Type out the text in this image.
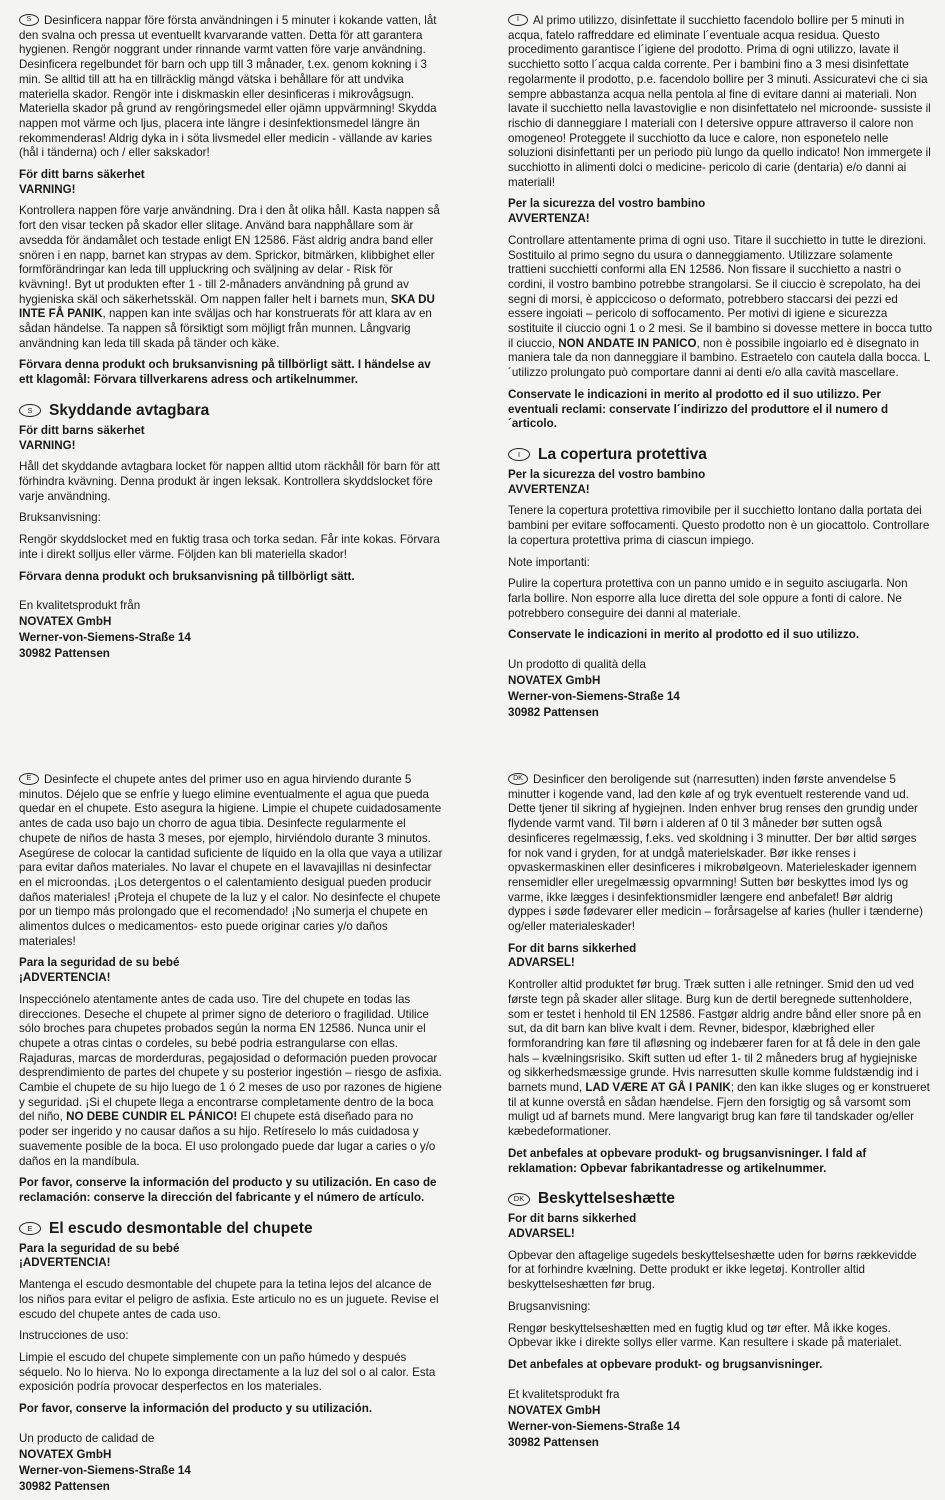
S Desinficera nappar före första användningen i 5 minuter i kokande vatten, låt den svalna och pressa ut eventuellt kvarvarande vatten. Detta för att garantera hygienen. Rengör noggrant under rinnande varmt vatten före varje användning. Desinficera regelbundet för barn och upp till 3 månader, t.ex. genom kokning i 3 min. Se alltid till att ha en tillräcklig mängd vätska i behållare för att undvika materiella skador. Rengör inte i diskmaskin eller desinficeras i mikrovågsugn. Materiella skador på grund av rengöringsmedel eller ojämn uppvärmning! Skydda nappen mot värme och ljus, placera inte längre i desinfektionsmedel längre än rekommenderas! Aldrig dyka in i söta livsmedel eller medicin - vällande av karies (hål i tänderna) och / eller sakskador!

För ditt barns säkerhet

VARNING!

Kontrollera nappen före varje användning. Dra i den åt olika håll. Kasta nappen så fort den visar tecken på skador eller slitage. Använd bara napphållare som är avsedda för ändamålet och testade enligt EN 12586. Fäst aldrig andra band eller snören i en napp, barnet kan strypas av dem. Sprickor, bitmärken, klibbighet eller formförändringar kan leda till uppluckring och sväljning av delar - Risk för kvävning!. Byt ut produkten efter 1 - till 2-månaders användning på grund av hygieniska skäl och säkerhetsskäl. Om nappen faller helt i barnets mun, SKA DU INTE FÅ PANIK, nappen kan inte sväljas och har konstruerats för att klara av en sådan händelse. Ta nappen så försiktigt som möjligt från munnen. Långvarig användning kan leda till skada på tänder och käke.

Förvara denna produkt och bruksanvisning på tillbörligt sätt. I händelse av ett klagomål: Förvara tillverkarens adress och artikelnummer.

S	Skyddande avtagbara

För ditt barns säkerhet

VARNING!

Håll det skyddande avtagbara locket för nappen alltid utom räckhåll för barn för att förhindra kvävning. Denna produkt är ingen leksak. Kontrollera skyddslocket före varje användning.

Bruksanvisning:

Rengör skyddslocket med en fuktig trasa och torka sedan. Får inte kokas. Förvara inte i direkt solljus eller värme. Följden kan bli materiella skador!

Förvara denna produkt och bruksanvisning på tillbörligt sätt.

En kvalitetsprodukt från
NOVATEX GmbH
Werner-von-Siemens-Straße 14
30982 Pattensen

I Al primo utilizzo, disinfettate il succhietto facendolo bollire per 5 minuti in acqua, fatelo raffreddare ed eliminate l´eventuale acqua residua. Questo procedimento garantisce l´igiene del prodotto. Prima di ogni utilizzo, lavate il succhietto sotto l´acqua calda corrente. Per i bambini fino a 3 mesi disinfettate regolarmente il prodotto, p.e. facendolo bollire per 3 minuti. Assicuratevi che ci sia sempre abbastanza acqua nella pentola al fine di evitare danni ai materiali. Non lavate il succhietto nella lavastoviglie e non disinfettatelo nel microonde- sussiste il rischio di danneggiare I materiali con I detersive oppure attraverso il calore non omogeneo! Proteggete il succhiotto da luce e calore, non esponetelo nelle soluzioni disinfettanti per un periodo più lungo da quello indicato! Non immergete il succhiotto in alimenti dolci o medicine- pericolo di carie (dentaria) e/o danni ai materiali!

Per la sicurezza del vostro bambino

AVVERTENZA!

Controllare attentamente prima di ogni uso. Titare il succhietto in tutte le direzioni. Sostituilo al primo segno du usura o danneggiamento. Utilizzare solamente trattieni succhietti conformi alla EN 12586. Non fissare il succhietto a nastri o cordini, il vostro bambino potrebbe strangolarsi. Se il ciuccio è screpolato, ha dei segni di morsi, è appiccicoso o deformato, potrebbero staccarsi dei pezzi ed essere ingoiati – pericolo di soffocamento. Per motivi di igiene e sicurezza sostituite il ciuccio ogni 1 o 2 mesi. Se il bambino si dovesse mettere in bocca tutto il ciuccio, NON ANDATE IN PANICO, non è possibile ingoiarlo ed è disegnato in maniera tale da non danneggiare il bambino. Estraetelo con cautela dalla bocca. L´utilizzo prolungato può comportare danni ai denti e/o alla cavità mascellare.

Conservate le indicazioni in merito al prodotto ed il suo utilizzo. Per eventuali reclami: conservate l´indirizzo del produttore el il numero d´articolo.

I	La copertura protettiva

Per la sicurezza del vostro bambino

AVVERTENZA!

Tenere la copertura protettiva rimovibile per il succhietto lontano dalla portata dei bambini per evitare soffocamenti. Questo prodotto non è un giocattolo. Controllare la copertura protettiva prima di ciascun impiego.

Note importanti:

Pulire la copertura protettiva con un panno umido e in seguito asciugarla. Non farla bollire. Non esporre alla luce diretta del sole oppure a fonti di calore. Ne potrebbero conseguire dei danni al materiale.

Conservate le indicazioni in merito al prodotto ed il suo utilizzo.

Un prodotto di qualità della
NOVATEX GmbH
Werner-von-Siemens-Straße 14
30982 Pattensen

E Desinfecte el chupete antes del primer uso en agua hirviendo durante 5 minutos. Déjelo que se enfríe y luego elimine eventualmente el agua que pueda quedar en el chupete. Esto asegura la higiene. Limpie el chupete cuidadosamente antes de cada uso bajo un chorro de agua tibia. Desinfecte regularmente el chupete de niños de hasta 3 meses, por ejemplo, hirviéndolo durante 3 minutos. Asegúrese de colocar la cantidad suficiente de líquido en la olla que vaya a utilizar para evitar daños materiales. No lavar el chupete en el lavavajillas ni desinfectar en el microondas. ¡Los detergentos o el calentamiento desigual pueden producir daños materiales! ¡Proteja el chupete de la luz y el calor. No desinfecte el chupete por un tiempo más prolongado que el recomendado! ¡No sumerja el chupete en alimentos dulces o medicamentos- esto puede originar caries y/o daños materiales!

Para la seguridad de su bebé

¡ADVERTENCIA!

Inspecciónelo atentamente antes de cada uso. Tire del chupete en todas las direcciones. Deseche el chupete al primer signo de deterioro o fragilidad. Utilice sólo broches para chupetes probados según la norma EN 12586. Nunca unir el chupete a otras cintas o cordeles, su bebé podria estrangularse con ellas. Rajaduras, marcas de morderduras, pegajosidad o deformación pueden provocar desprendimiento de partes del chupete y su posterior ingestión – riesgo de asfixia. Cambie el chupete de su hijo luego de 1 ó 2 meses de uso por razones de higiene y seguridad. ¡Si el chupete llega a encontrarse completamente dentro de la boca del niño, NO DEBE CUNDIR EL PÁNICO! El chupete está diseñado para no poder ser ingerido y no causar daños a su hijo. Retíreselo lo más cuidadosa y suavemente posible de la boca. El uso prolongado puede dar lugar a caries o y/o daños en la mandíbula.

Por favor, conserve la información del producto y su utilización. En caso de reclamación: conserve la dirección del fabricante y el número de artículo.

E	El escudo desmontable del chupete

Para la seguridad de su bebé

¡ADVERTENCIA!

Mantenga el escudo desmontable del chupete para la tetina lejos del alcance de los niños para evitar el peligro de asfixia. Este articulo no es un juguete. Revise el escudo del chupete antes de cada uso.

Instrucciones de uso:

Limpie el escudo del chupete simplemente con un paño húmedo y después séquelo. No lo hierva. No lo exponga directamente a la luz del sol o al calor. Esta exposición podría provocar desperfectos en los materiales.

Por favor, conserve la información del producto y su utilización.

Un producto de calidad de
NOVATEX GmbH
Werner-von-Siemens-Straße 14
30982 Pattensen

DK Desinficer den beroligende sut (narresutten) inden første anvendelse 5 minutter i kogende vand, lad den køle af og tryk eventuelt resterende vand ud. Dette tjener til sikring af hygiejnen. Inden enhver brug renses den grundig under flydende varmt vand. Til børn i alderen af 0 til 3 måneder bør sutten også desinficeres regelmæssig, f.eks. ved skoldning i 3 minutter. Der bør altid sørges for nok vand i gryden, for at undgå materielskader. Bør ikke renses i opvaskermaskinen eller desinficeres i mikrobølgeovn. Materieleskader igennem rensemidler eller uregelmæssig opvarmning! Sutten bør beskyttes imod lys og varme, ikke lægges i desinfektionsmidler længere end anbefalet! Bør aldrig dyppes i søde fødevarer eller medicin – forårsagelse af karies (huller i tænderne) og/eller materialeskader!

For dit barns sikkerhed

ADVARSEL!

Kontroller altid produktet før brug. Træk sutten i alle retninger. Smid den ud ved første tegn på skader aller slitage. Burg kun de dertil beregnede suttenholdere, som er testet i henhold til EN 12586. Fastgør aldrig andre bånd eller snore på en sut, da dit barn kan blive kvalt i dem. Revner, bidespor, klæbrighed eller formforandring kan føre til afløsning og indebærer faren for at få dele in den gale hals – kvælningsrisiko. Skift sutten ud efter 1- til 2 måneders brug af hygiejniske og sikkerhedsmæssige grunde. Hvis narresutten skulle komme fuldstændig ind i barnets mund, LAD VÆRE AT GÅ I PANIK; den kan ikke sluges og er konstrueret til at kunne overstå en sådan hændelse. Fjern den forsigtig og så varsomt som muligt ud af barnets mund. Mere langvarigt brug kan føre til tandskader og/eller kæbedeformationer.

Det anbefales at opbevare produkt- og brugsanvisninger. I fald af reklamation: Opbevar fabrikantadresse og artikelnummer.

DK Beskyttelseshætte

For dit barns sikkerhed

ADVARSEL!

Opbevar den aftagelige sugedels beskyttelseshætte uden for børns rækkevidde for at forhindre kvælning. Dette produkt er ikke legetøj. Kontroller altid beskyttelseshætten før brug.

Brugsanvisning:

Rengør beskyttelseshætten med en fugtig klud og tør efter. Må ikke koges. Opbevar ikke i direkte sollys eller varme. Kan resultere i skade på materialet.

Det anbefales at opbevare produkt- og brugsanvisninger.

Et kvalitetsprodukt fra
NOVATEX GmbH
Werner-von-Siemens-Straße 14
30982 Pattensen
